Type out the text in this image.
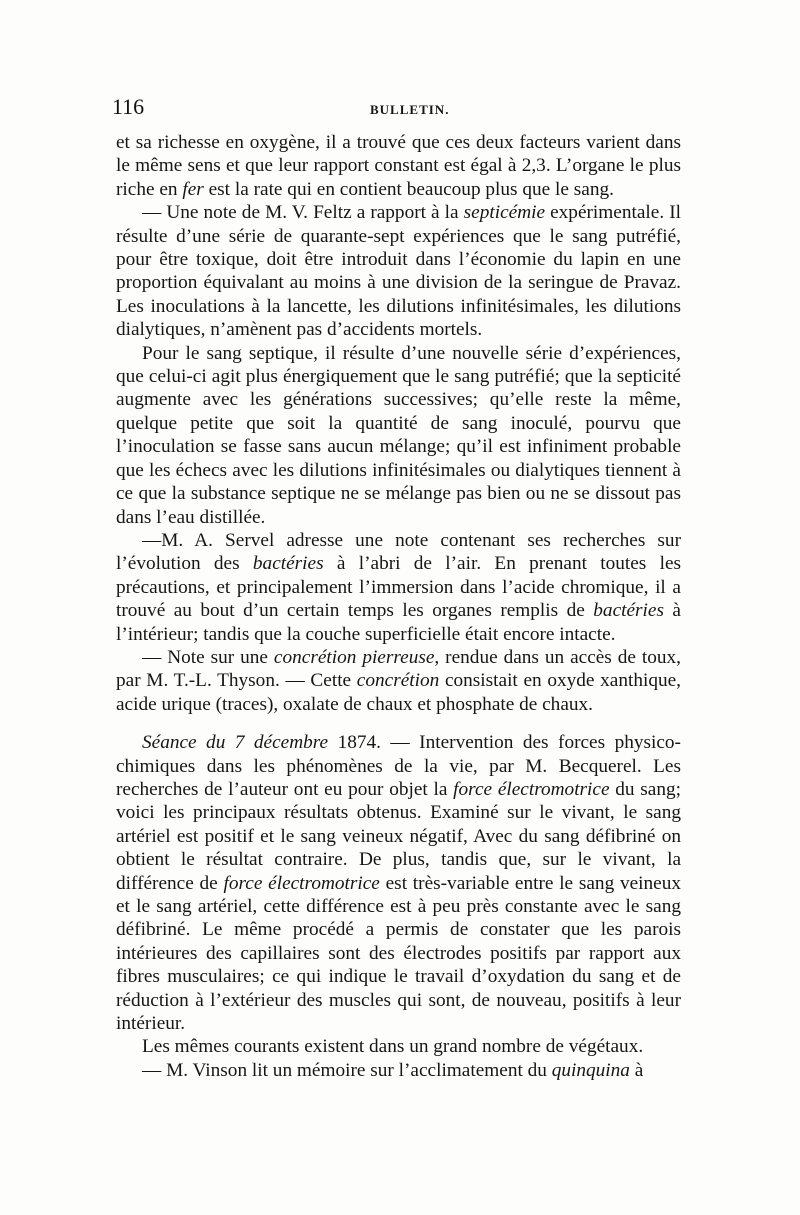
116	BULLETIN.

et sa richesse en oxygène, il a trouvé que ces deux facteurs varient dans le même sens et que leur rapport constant est égal à 2,3. L’organe le plus riche en fer est la rate qui en contient beaucoup plus que le sang.

— Une note de M. V. Feltz a rapport à la septicémie expérimentale. Il résulte d’une série de quarante-sept expériences que le sang putréfié, pour être toxique, doit être introduit dans l’économie du lapin en une proportion équivalant au moins à une division de la seringue de Pravaz. Les inoculations à la lancette, les dilutions infinitésimales, les dilutions dialytiques, n’amènent pas d’accidents mortels.

Pour le sang septique, il résulte d’une nouvelle série d’expériences, que celui-ci agit plus énergiquement que le sang putréfié; que la septicité augmente avec les générations successives; qu’elle reste la même, quelque petite que soit la quantité de sang inoculé, pourvu que l’inoculation se fasse sans aucun mélange; qu’il est infiniment probable que les échecs avec les dilutions infinitésimales ou dialytiques tiennent à ce que la substance septique ne se mélange pas bien ou ne se dissout pas dans l’eau distillée.

—M. A. Servel adresse une note contenant ses recherches sur l’évolution des bactéries à l’abri de l’air. En prenant toutes les précautions, et principalement l’immersion dans l’acide chromique, il a trouvé au bout d’un certain temps les organes remplis de bactéries à l’intérieur; tandis que la couche superficielle était encore intacte.

— Note sur une concrétion pierreuse, rendue dans un accès de toux, par M. T.-L. Thyson. — Cette concrétion consistait en oxyde xanthique, acide urique (traces), oxalate de chaux et phosphate de chaux.

Séance du 7 décembre 1874. — Intervention des forces physico-chimiques dans les phénomènes de la vie, par M. Becquerel. Les recherches de l’auteur ont eu pour objet la force électromotrice du sang; voici les principaux résultats obtenus. Examiné sur le vivant, le sang artériel est positif et le sang veineux négatif, Avec du sang défibriné on obtient le résultat contraire. De plus, tandis que, sur le vivant, la différence de force électromotrice est très-variable entre le sang veineux et le sang artériel, cette différence est à peu près constante avec le sang défibriné. Le même procédé a permis de constater que les parois intérieures des capillaires sont des électrodes positifs par rapport aux fibres musculaires; ce qui indique le travail d’oxydation du sang et de réduction à l’extérieur des muscles qui sont, de nouveau, positifs à leur intérieur.

Les mêmes courants existent dans un grand nombre de végétaux.

— M. Vinson lit un mémoire sur l’acclimatement du quinquina à
